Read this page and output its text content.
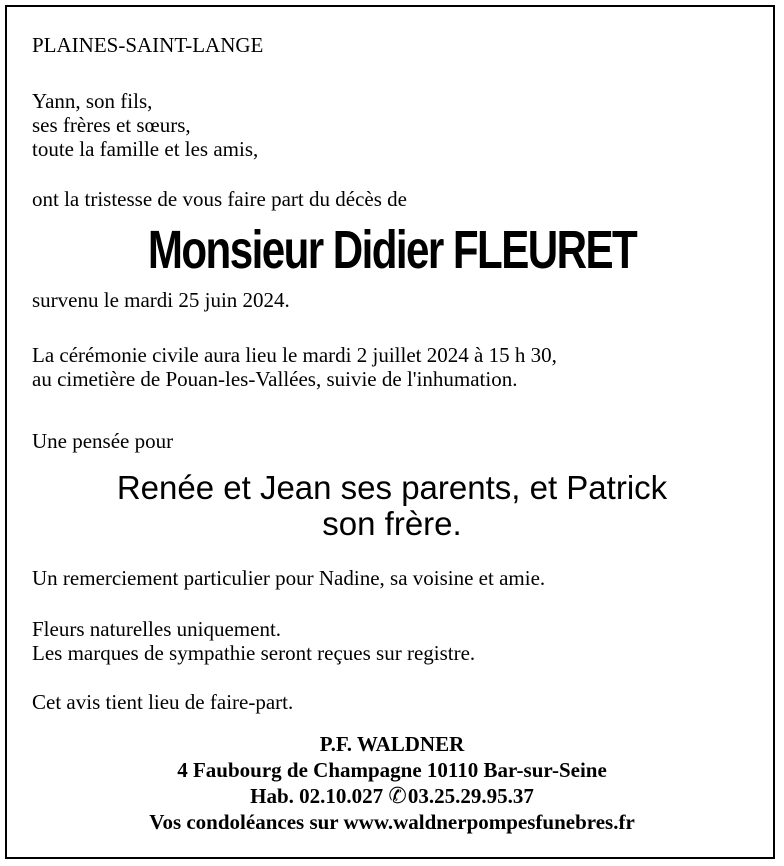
PLAINES-SAINT-LANGE
Yann, son fils,
ses frères et sœurs,
toute la famille et les amis,
ont la tristesse de vous faire part du décès de
Monsieur Didier FLEURET
survenu le mardi 25 juin 2024.
La cérémonie civile aura lieu le mardi 2 juillet 2024 à 15 h 30,
au cimetière de Pouan-les-Vallées, suivie de l'inhumation.
Une pensée pour
Renée et Jean ses parents, et Patrick
son frère.
Un remerciement particulier pour Nadine, sa voisine et amie.
Fleurs naturelles uniquement.
Les marques de sympathie seront reçues sur registre.
Cet avis tient lieu de faire-part.
P.F. WALDNER
4 Faubourg de Champagne 10110 Bar-sur-Seine
Hab. 02.10.027 ✆03.25.29.95.37
Vos condoléances sur www.waldnerpompesfunebres.fr
